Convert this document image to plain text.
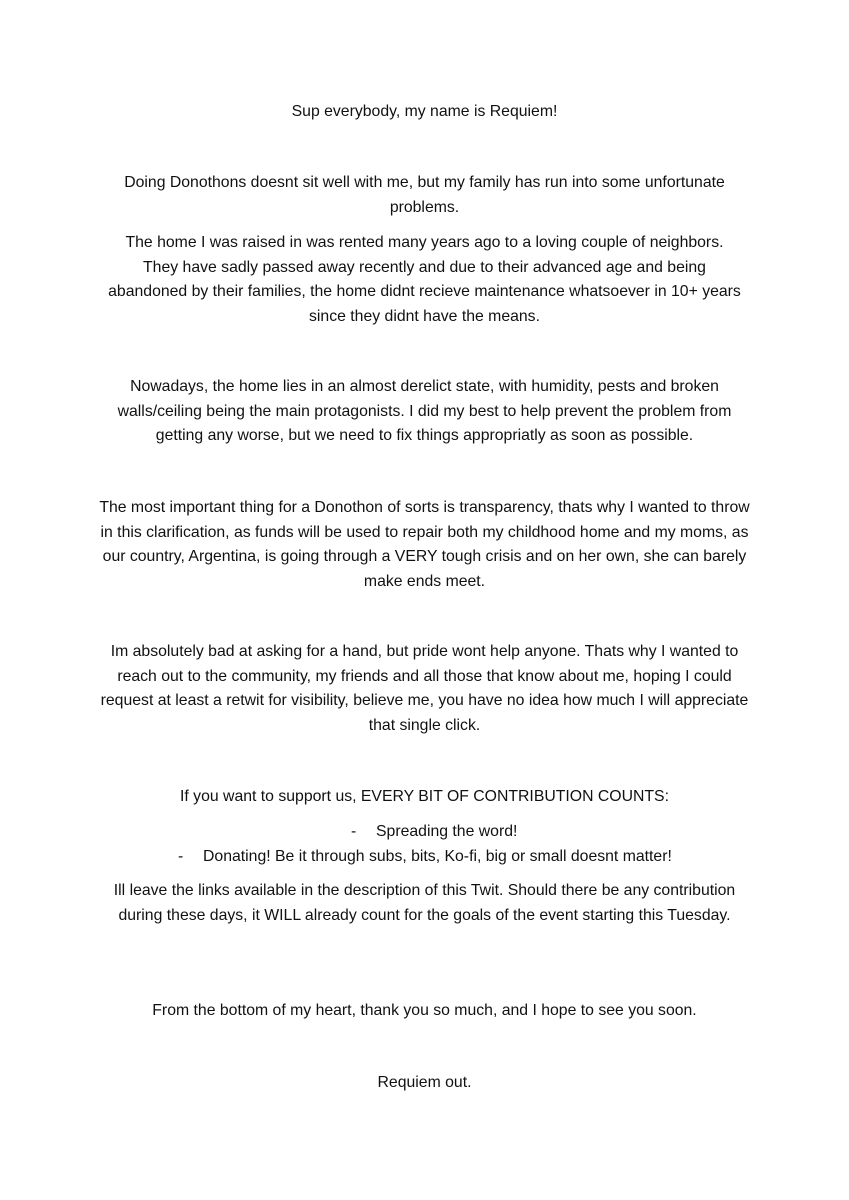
Sup everybody, my name is Requiem!
Doing Donothons doesnt sit well with me, but my family has run into some unfortunate problems.
The home I was raised in was rented many years ago to a loving couple of neighbors. They have sadly passed away recently and due to their advanced age and being abandoned by their families, the home didnt recieve maintenance whatsoever in 10+ years since they didnt have the means.
Nowadays, the home lies in an almost derelict state, with humidity, pests and broken walls/ceiling being the main protagonists. I did my best to help prevent the problem from getting any worse, but we need to fix things appropriatly as soon as possible.
The most important thing for a Donothon of sorts is transparency, thats why I wanted to throw in this clarification, as funds will be used to repair both my childhood home and my moms, as our country, Argentina, is going through a VERY tough crisis and on her own, she can barely make ends meet.
Im absolutely bad at asking for a hand, but pride wont help anyone. Thats why I wanted to reach out to the community, my friends and all those that know about me, hoping I could request at least a retwit for visibility, believe me, you have no idea how much I will appreciate that single click.
If you want to support us, EVERY BIT OF CONTRIBUTION COUNTS:
- Spreading the word!
- Donating! Be it through subs, bits, Ko-fi, big or small doesnt matter!
Ill leave the links available in the description of this Twit. Should there be any contribution during these days, it WILL already count for the goals of the event starting this Tuesday.
From the bottom of my heart, thank you so much, and I hope to see you soon.
Requiem out.
